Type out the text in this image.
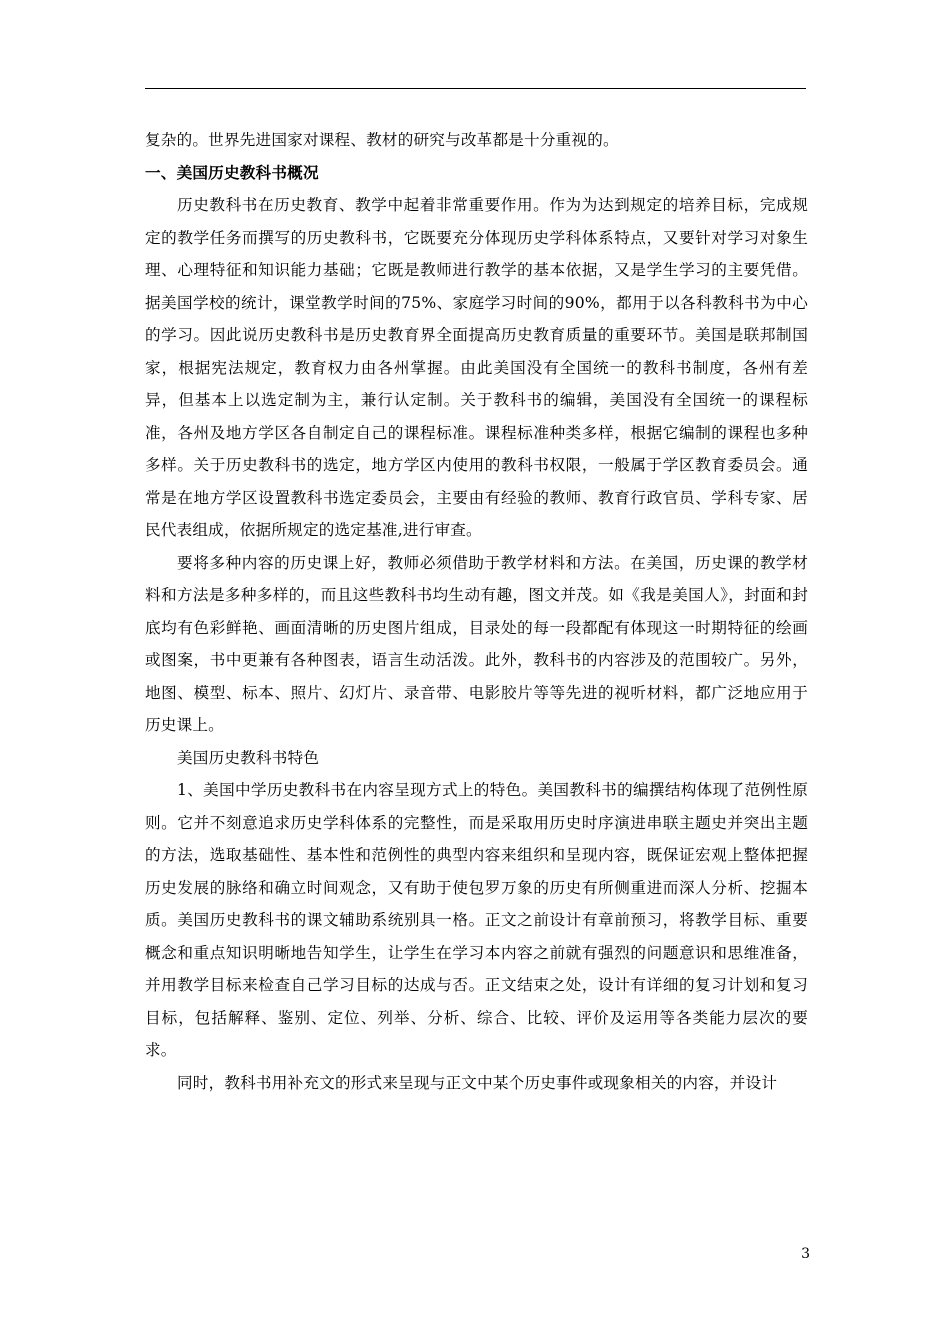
复杂的。世界先进国家对课程、教材的研究与改革都是十分重视的。

一、美国历史教科书概况

历史教科书在历史教育、教学中起着非常重要作用。作为为达到规定的培养目标，完成规定的教学任务而撰写的历史教科书，它既要充分体现历史学科体系特点，又要针对学习对象生理、心理特征和知识能力基础；它既是教师进行教学的基本依据，又是学生学习的主要凭借。据美国学校的统计，课堂教学时间的75%、家庭学习时间的90%，都用于以各科教科书为中心的学习。因此说历史教科书是历史教育界全面提高历史教育质量的重要环节。美国是联邦制国家，根据宪法规定，教育权力由各州掌握。由此美国没有全国统一的教科书制度，各州有差异，但基本上以选定制为主，兼行认定制。关于教科书的编辑，美国没有全国统一的课程标准，各州及地方学区各自制定自己的课程标准。课程标准种类多样，根据它编制的课程也多种多样。关于历史教科书的选定，地方学区内使用的教科书权限，一般属于学区教育委员会。通常是在地方学区设置教科书选定委员会，主要由有经验的教师、教育行政官员、学科专家、居民代表组成，依据所规定的选定基准,进行审查。

要将多种内容的历史课上好，教师必须借助于教学材料和方法。在美国，历史课的教学材料和方法是多种多样的，而且这些教科书均生动有趣，图文并茂。如《我是美国人》，封面和封底均有色彩鲜艳、画面清晰的历史图片组成，目录处的每一段都配有体现这一时期特征的绘画或图案，书中更兼有各种图表，语言生动活泼。此外，教科书的内容涉及的范围较广。另外，地图、模型、标本、照片、幻灯片、录音带、电影胶片等等先进的视听材料，都广泛地应用于历史课上。

美国历史教科书特色

1、美国中学历史教科书在内容呈现方式上的特色。美国教科书的编撰结构体现了范例性原则。它并不刻意追求历史学科体系的完整性，而是采取用历史时序演进串联主题史并突出主题的方法，选取基础性、基本性和范例性的典型内容来组织和呈现内容，既保证宏观上整体把握历史发展的脉络和确立时间观念，又有助于使包罗万象的历史有所侧重进而深人分析、挖掘本质。美国历史教科书的课文辅助系统别具一格。正文之前设计有章前预习，将教学目标、重要概念和重点知识明晰地告知学生，让学生在学习本内容之前就有强烈的问题意识和思维准备，并用教学目标来检查自己学习目标的达成与否。正文结束之处，设计有详细的复习计划和复习目标，包括解释、鉴别、定位、列举、分析、综合、比较、评价及运用等各类能力层次的要求。

同时，教科书用补充文的形式来呈现与正文中某个历史事件或现象相关的内容，并设计

3
